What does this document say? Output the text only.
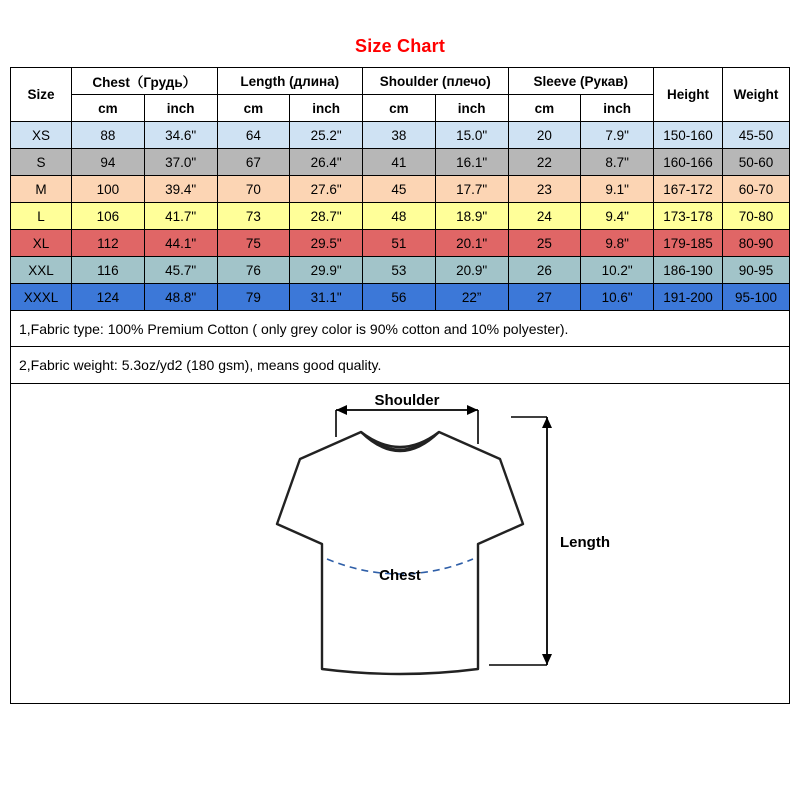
Size Chart
Size	Chest（Грудь）		Length (длина)		Shoulder (плечо)		Sleeve (Рукав)		Height	Weight
	cm	inch	cm	inch	cm	inch	cm	inch		
XS	88	34.6"	64	25.2"	38	15.0"	20	7.9"	150-160	45-50
S	94	37.0"	67	26.4"	41	16.1"	22	8.7"	160-166	50-60
M	100	39.4"	70	27.6"	45	17.7"	23	9.1"	167-172	60-70
L	106	41.7"	73	28.7"	48	18.9"	24	9.4"	173-178	70-80
XL	112	44.1"	75	29.5"	51	20.1"	25	9.8"	179-185	80-90
XXL	116	45.7"	76	29.9"	53	20.9"	26	10.2"	186-190	90-95
XXXL	124	48.8"	79	31.1"	56	22”	27	10.6"	191-200	95-100
1,Fabric type: 100% Premium Cotton ( only grey color is 90% cotton and 10% polyester).
2,Fabric weight: 5.3oz/yd2 (180 gsm), means good quality.
Chest
Shoulder
Length
